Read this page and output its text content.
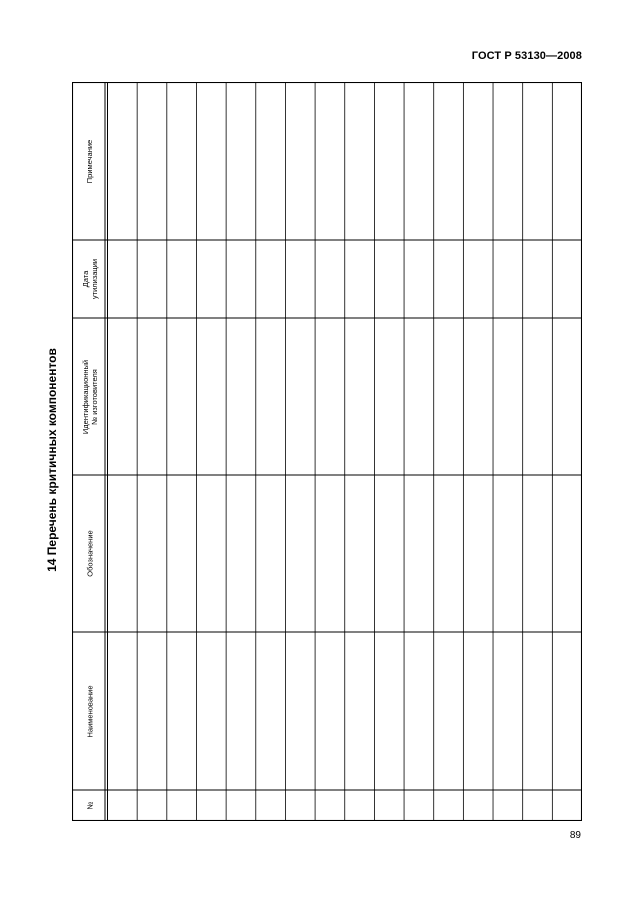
ГОСТ Р 53130—2008
14 Перечень критичных компонентов
Примечание
Дата утилизации
Идентификационный № изготовителя
Обозначение
Наименование
№
89
